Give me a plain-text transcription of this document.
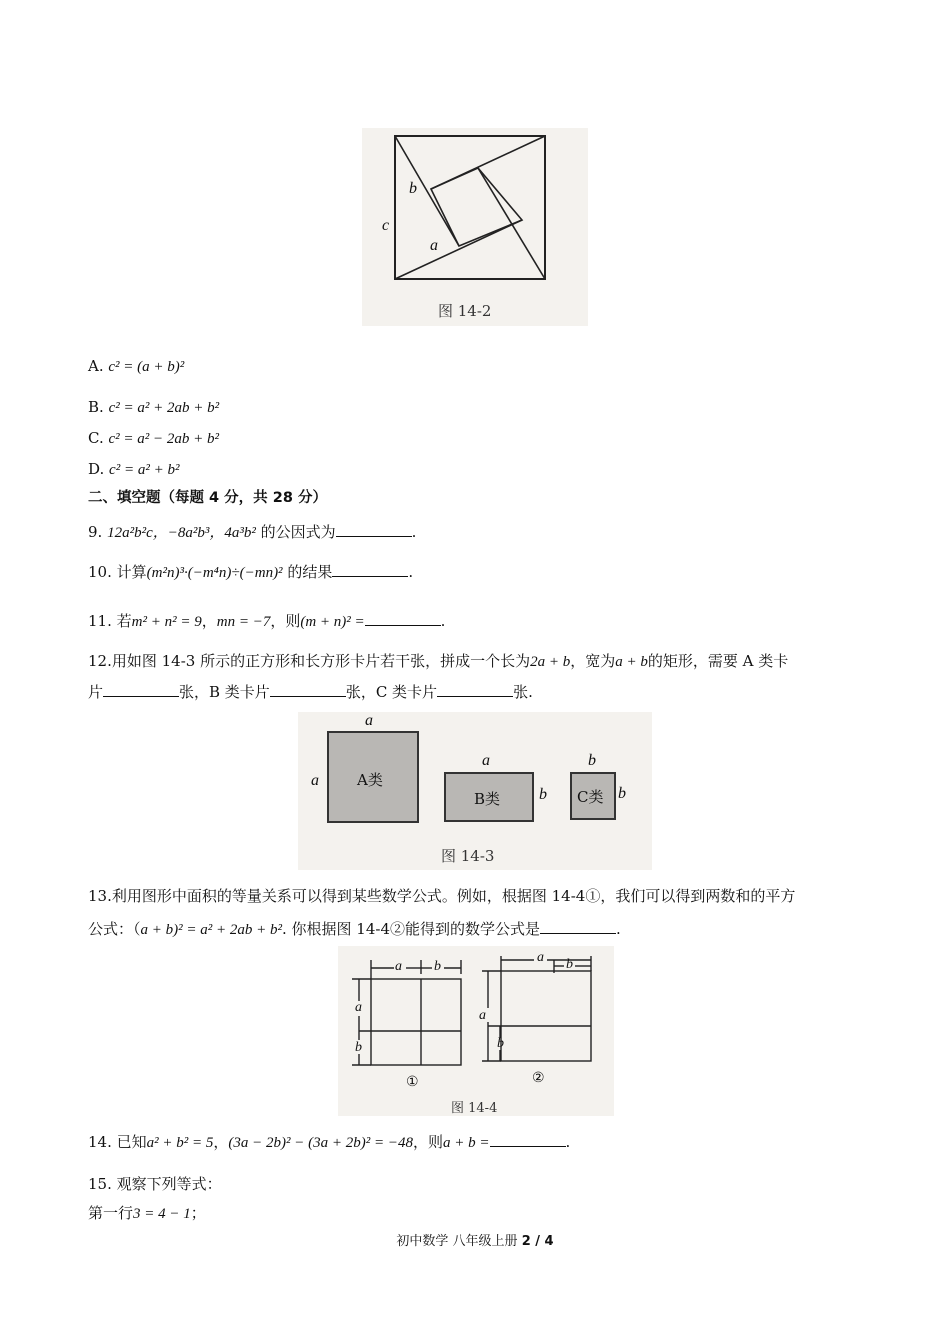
b
c
a
图 14-2
A. c² = (a + b)²
B. c² = a² + 2ab + b²
C. c² = a² − 2ab + b²
D. c² = a² + b²
二、填空题（每题 4 分，共 28 分）
9. 12a²b²c，−8a²b³，4a³b² 的公因式为	.
10. 计算(m²n)³·(−m⁴n)÷(−mn)² 的结果	.
11. 若m² + n² = 9，mn = −7，则(m + n)² =	.
12.用如图 14-3 所示的正方形和长方形卡片若干张，拼成一个长为2a + b，宽为a + b的矩形，需要 A 类卡
片	张，B 类卡片	张，C 类卡片	张.
A类
a
a
B类
a
b C类
b
b
图 14-3
13.利用图形中面积的等量关系可以得到某些数学公式。例如，根据图 14-4①，我们可以得到两数和的平方
公式：（a + b)² = a² + 2ab + b². 你根据图 14-4②能得到的数学公式是	.
a b
a
b
a b
a
b
①	②
图 14-4
14. 已知a² + b² = 5，(3a − 2b)² − (3a + 2b)² = −48，则a + b =	.
15. 观察下列等式：
第一行3 = 4 − 1；
初中数学 八年级上册 2 / 4
